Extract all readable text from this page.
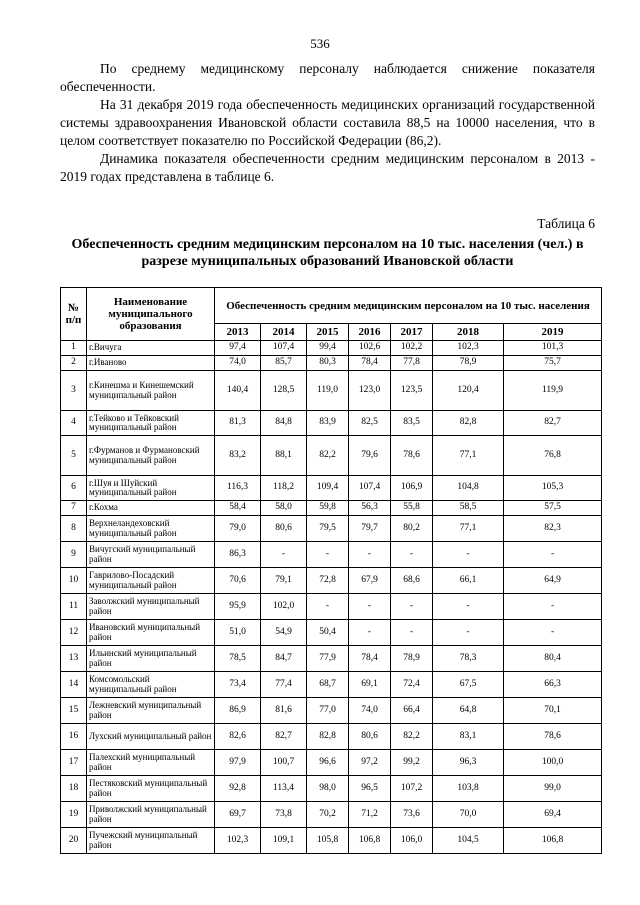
536

По среднему медицинскому персоналу наблюдается снижение показателя обеспеченности.

На 31 декабря 2019 года обеспеченность медицинских организаций государственной системы здравоохранения Ивановской области составила 88,5 на 10000 населения, что в целом соответствует показателю по Российской Федерации (86,2).

Динамика показателя обеспеченности средним медицинским персоналом в 2013 - 2019 годах представлена в таблице 6.

Таблица 6
Обеспеченность средним медицинским персоналом на 10 тыс. населения (чел.) в разрезе муниципальных образований Ивановской области
№ п/п	Наименование муниципального образования	Обеспеченность средним медицинским персоналом на 10 тыс. населения						
		2013	2014	2015	2016	2017	2018	2019
1	г.Вичуга	97,4	107,4	99,4	102,6	102,2	102,3	101,3
2	г.Иваново	74,0	85,7	80,3	78,4	77,8	78,9	75,7
3	г.Кинешма и Кинешемский муниципальный район	140,4	128,5	119,0	123,0	123,5	120,4	119,9
4	г.Тейково и Тейковский муниципальный район	81,3	84,8	83,9	82,5	83,5	82,8	82,7
5	г.Фурманов и Фурмановский муниципальный район	83,2	88,1	82,2	79,6	78,6	77,1	76,8
6	г.Шуя и Шуйский муниципальный район	116,3	118,2	109,4	107,4	106,9	104,8	105,3
7	г.Кохма	58,4	58,0	59,8	56,3	55,8	58,5	57,5
8	Верхнеландеховский муниципальный район	79,0	80,6	79,5	79,7	80,2	77,1	82,3
9	Вичугский муниципальный район	86,3	-	-	-	-	-	-
10	Гаврилово-Посадский муниципальный район	70,6	79,1	72,8	67,9	68,6	66,1	64,9
11	Заволжский муниципальный район	95,9	102,0	-	-	-	-	-
12	Ивановский муниципальный район	51,0	54,9	50,4	-	-	-	-
13	Ильинский муниципальный район	78,5	84,7	77,9	78,4	78,9	78,3	80,4
14	Комсомольский муниципальный район	73,4	77,4	68,7	69,1	72,4	67,5	66,3
15	Лежневский муниципальный район	86,9	81,6	77,0	74,0	66,4	64,8	70,1
16	Лухский муниципальный район	82,6	82,7	82,8	80,6	82,2	83,1	78,6
17	Палехский муниципальный район	97,9	100,7	96,6	97,2	99,2	96,3	100,0
18	Пестяковский муниципальный район	92,8	113,4	98,0	96,5	107,2	103,8	99,0
19	Приволжский муниципальный район	69,7	73,8	70,2	71,2	73,6	70,0	69,4
20	Пучежский муниципальный район	102,3	109,1	105,8	106,8	106,0	104,5	106,8
